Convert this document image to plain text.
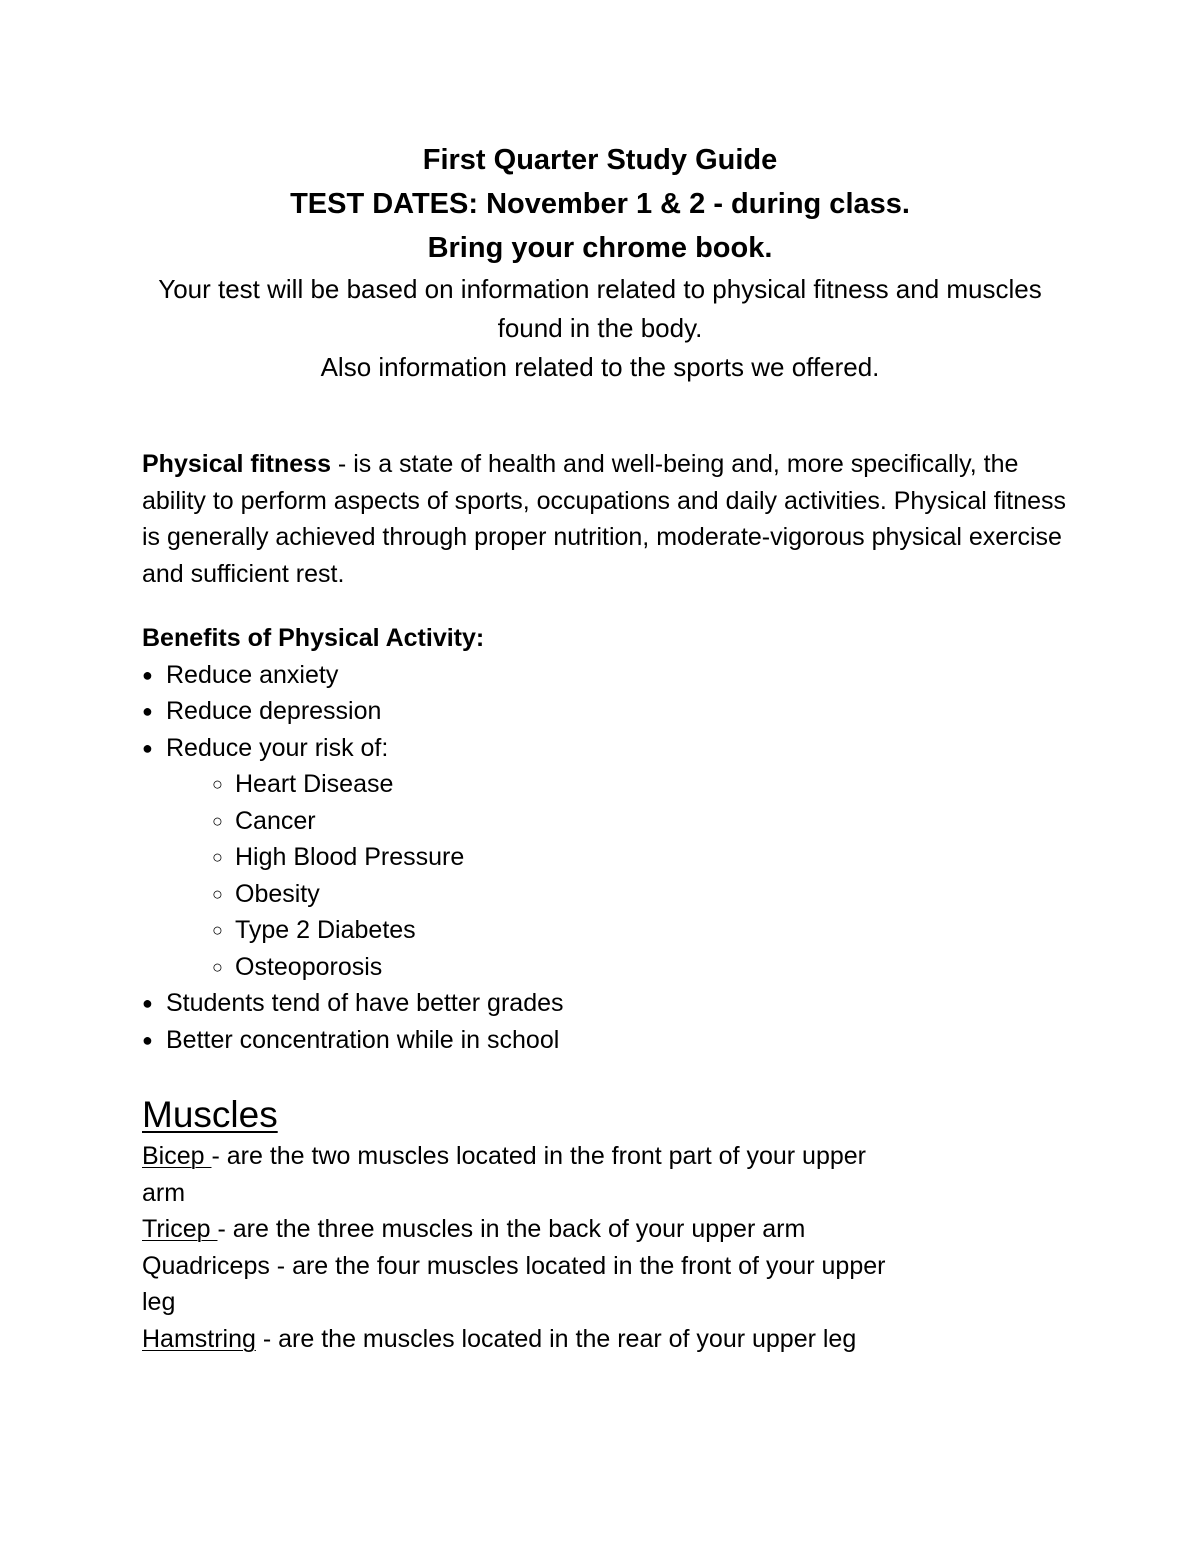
First Quarter Study Guide
TEST DATES: November 1 & 2 - during class.
Bring your chrome book.
Your test will be based on information related to physical fitness and muscles found in the body.
Also information related to the sports we offered.
Physical fitness - is a state of health and well-being and, more specifically, the ability to perform aspects of sports, occupations and daily activities. Physical fitness is generally achieved through proper nutrition, moderate-vigorous physical exercise and sufficient rest.
Benefits of Physical Activity:
● Reduce anxiety
● Reduce depression
● Reduce your risk of:
○ Heart Disease
○ Cancer
○ High Blood Pressure
○ Obesity
○ Type 2 Diabetes
○ Osteoporosis
● Students tend of have better grades
● Better concentration while in school
Muscles
Bicep - are the two muscles located in the front part of your upper arm
Tricep - are the three muscles in the back of your upper arm
Quadriceps - are the four muscles located in the front of your upper leg
Hamstring - are the muscles located in the rear of your upper leg
